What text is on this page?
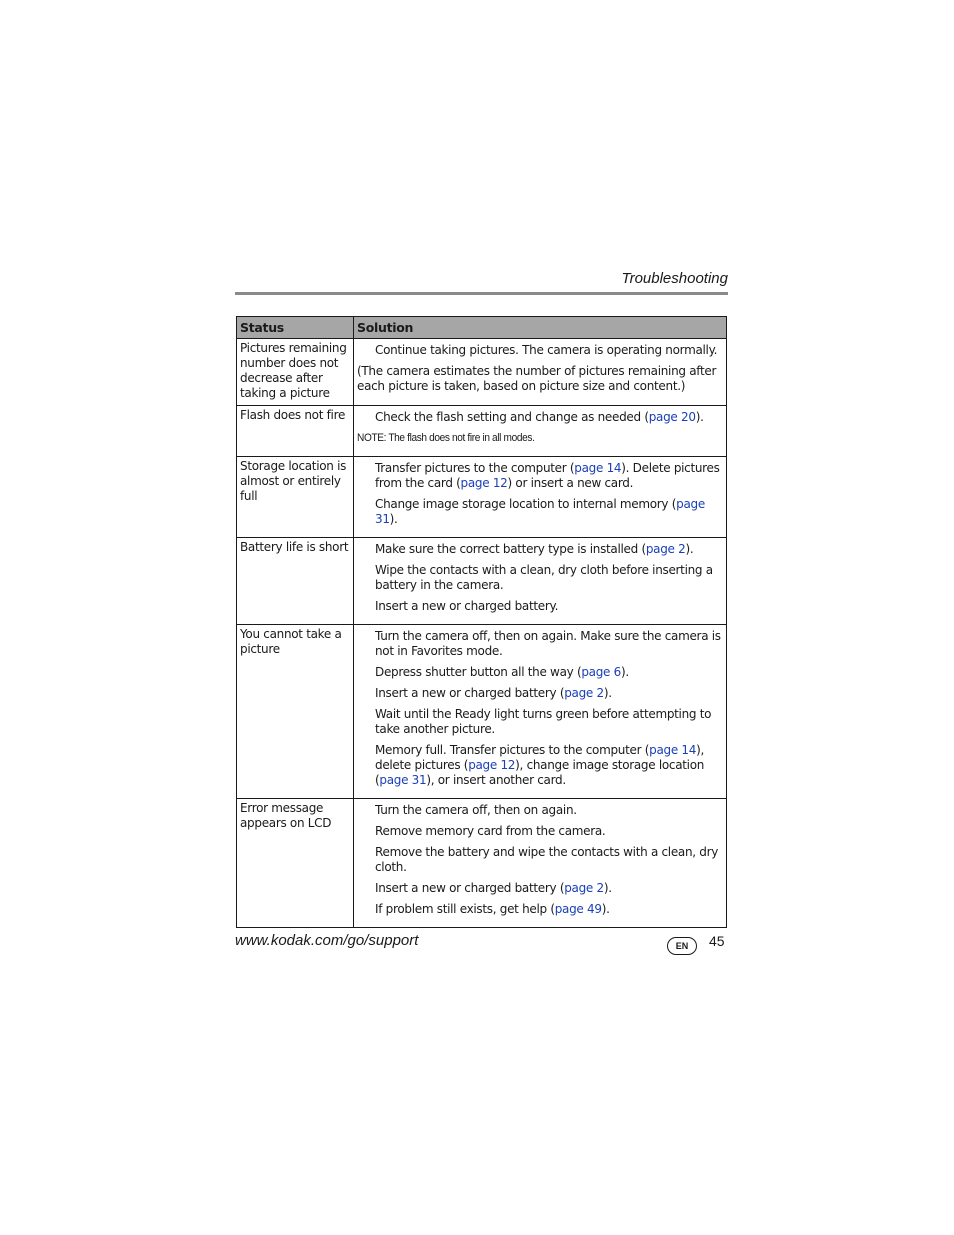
Troubleshooting
Status	Solution
Pictures remaining number does not decrease after taking a picture	Continue taking pictures. The camera is operating normally.
(The camera estimates the number of pictures remaining after each picture is taken, based on picture size and content.)

Flash does not fire	Check the flash setting and change as needed (page 20).
NOTE: The flash does not fire in all modes.

Storage location is almost or entirely full	Transfer pictures to the computer (page 14). Delete pictures from the card (page 12) or insert a new card.
Change image storage location to internal memory (page 31).

Battery life is short	Make sure the correct battery type is installed (page 2).
Wipe the contacts with a clean, dry cloth before inserting a battery in the camera.
Insert a new or charged battery.

You cannot take a picture	Turn the camera off, then on again. Make sure the camera is not in Favorites mode.
Depress shutter button all the way (page 6).
Insert a new or charged battery (page 2).
Wait until the Ready light turns green before attempting to take another picture.
Memory full. Transfer pictures to the computer (page 14), delete pictures (page 12), change image storage location (page 31), or insert another card.

Error message appears on LCD	Turn the camera off, then on again.
Remove memory card from the camera.
Remove the battery and wipe the contacts with a clean, dry cloth.
Insert a new or charged battery (page 2).
If problem still exists, get help (page 49).
www.kodak.com/go/support	EN	45
